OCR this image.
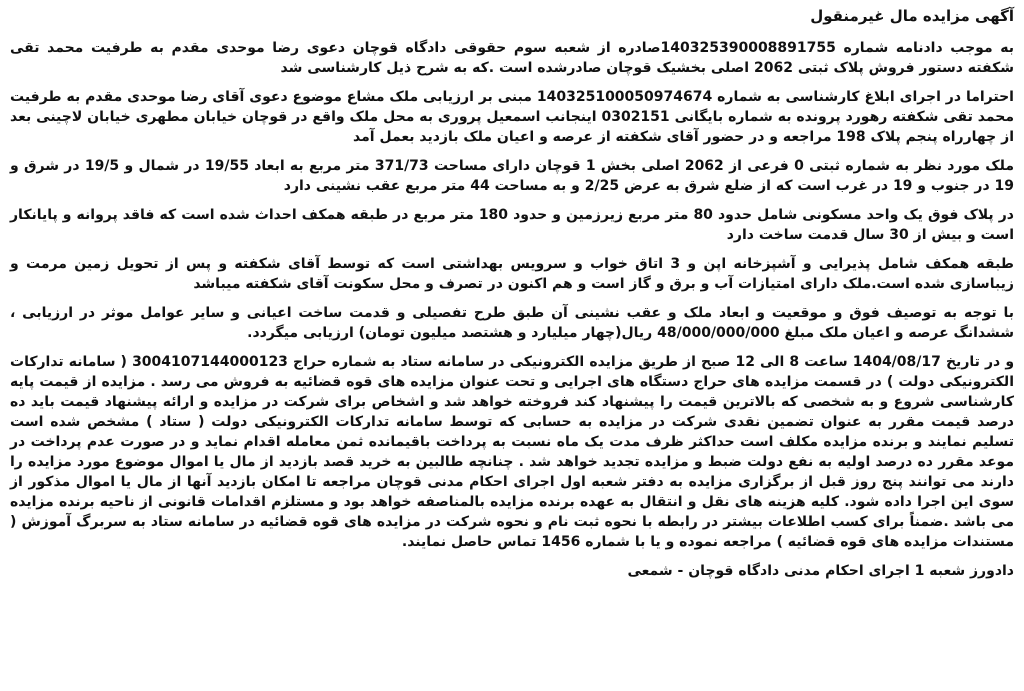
آگهی مزایده مال غیرمنقول

به موجب دادنامه شماره 140325390008891755صادره از شعبه سوم حقوقی دادگاه قوچان دعوی رضا موحدی مقدم به طرفیت محمد تقی شکفته دستور فروش پلاک ثبتی 2062 اصلی بخشیک قوچان صادرشده است .که به شرح ذیل کارشناسی شد

احتراما در اجرای ابلاغ کارشناسی به شماره 140325100050974674 مبنی بر ارزیابی ملک مشاع موضوع دعوی آقای رضا موحدی مقدم به طرفیت محمد تقی شکفته رهورد پرونده به شماره بایگانی 0302151 اینجانب اسمعیل پروری به محل ملک واقع در قوچان خیابان مطهری خیابان لاچینی بعد از چهارراه پنجم پلاک 198 مراجعه و در حضور آقای شکفته از عرصه و اعیان ملک بازدید بعمل آمد

ملک مورد نظر به شماره ثبتی 0 فرعی از 2062 اصلی بخش 1 قوچان دارای مساحت 371/73 متر مربع به ابعاد 19/55 در شمال و 19/5 در شرق و 19 در جنوب و 19 در غرب است که از ضلع شرق به عرض 2/25 و به مساحت 44 متر مربع عقب نشینی دارد

در پلاک فوق یک واحد مسکونی شامل حدود 80 متر مربع زیرزمین و حدود 180 متر مربع در طبقه همکف احداث شده است که فاقد پروانه و پایانکار است و بیش از 30 سال قدمت ساخت دارد

طبقه همکف شامل پذیرایی و آشپزخانه اپن و 3 اتاق خواب و سرویس بهداشتی است که توسط آقای شکفته و پس از تحویل زمین مرمت و زیباسازی شده است.ملک دارای امتیازات آب و برق و گاز است و هم اکنون در تصرف و محل سکونت آقای شکفته میباشد

با توجه به توصیف فوق و موقعیت و ابعاد ملک و عقب نشینی آن طبق طرح تفصیلی و قدمت ساخت اعیانی و سایر عوامل موثر در ارزیابی ، ششدانگ عرصه و اعیان ملک مبلغ 48/000/000/000 ریال(چهار میلیارد و هشتصد میلیون تومان) ارزیابی میگردد.

و در تاریخ 1404/08/17 ساعت 8 الی 12 صبح از طریق مزایده الکترونیکی در سامانه ستاد به شماره حراج 3004107144000123 ( سامانه تدارکات الکترونیکی دولت ) در قسمت مزایده های حراج دستگاه های اجرایی و تحت عنوان مزایده های قوه قضائیه به فروش می رسد . مزایده از قیمت پایه کارشناسی شروع و به شخصی که بالاترین قیمت را پیشنهاد کند فروخته خواهد شد و اشخاص برای شرکت در مزایده و ارائه پیشنهاد قیمت باید ده درصد قیمت مقرر به عنوان تضمین نقدی شرکت در مزایده به حسابی که توسط سامانه تدارکات الکترونیکی دولت ( ستاد ) مشخص شده است تسلیم نمایند و برنده مزایده مکلف است حداکثر ظرف مدت یک ماه نسبت به پرداخت باقیمانده ثمن معامله اقدام نماید و در صورت عدم پرداخت در موعد مقرر ده درصد اولیه به نفع دولت ضبط و مزایده تجدید خواهد شد . چنانچه طالبین به خرید قصد بازدید از مال یا اموال موضوع مورد مزایده را دارند می توانند پنج روز قبل از برگزاری مزایده به دفتر شعبه اول اجرای احکام مدنی قوچان مراجعه تا امکان بازدید آنها از مال یا اموال مذکور از سوی این اجرا داده شود. کلیه هزینه های نقل و انتقال به عهده برنده مزایده بالمناصفه خواهد بود و مستلزم اقدامات قانونی از ناحیه برنده مزایده می باشد .ضمناً برای کسب اطلاعات بیشتر در رابطه با نحوه ثبت نام و نحوه شرکت در مزایده های قوه قضائیه در سامانه ستاد به سربرگ آموزش ( مستندات مزایده های قوه قضائیه ) مراجعه نموده و یا با شماره 1456 تماس حاصل نمایند.

دادورز شعبه 1 اجرای احکام مدنی دادگاه قوچان - شمعی
